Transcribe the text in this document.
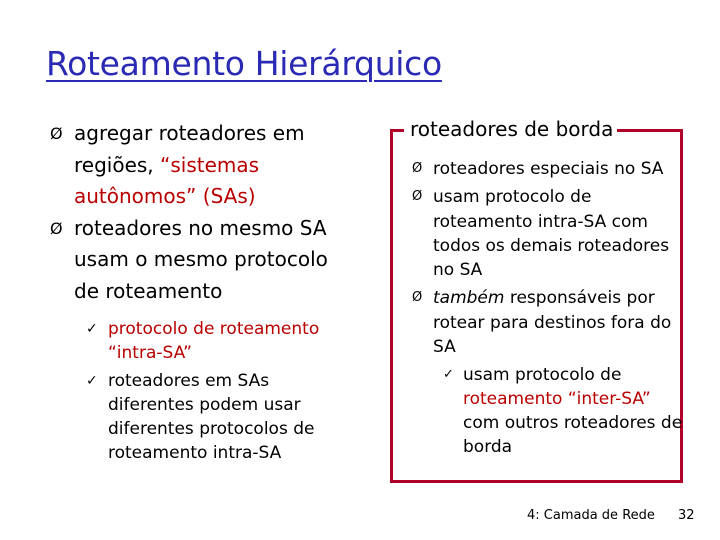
Roteamento Hierárquico
Ø agregar roteadores em regiões, “sistemas autônomos” (SAs)
Ø roteadores no mesmo SA usam o mesmo protocolo de roteamento
✓ protocolo de roteamento “intra-SA”
✓ roteadores em SAs diferentes podem usar diferentes protocolos de roteamento intra-SA
roteadores de borda
Ø roteadores especiais no SA
Ø usam protocolo de roteamento intra-SA com todos os demais roteadores no SA
Ø também responsáveis por rotear para destinos fora do SA
✓ usam protocolo de roteamento “inter-SA” com outros roteadores de borda
4: Camada de Rede 32
